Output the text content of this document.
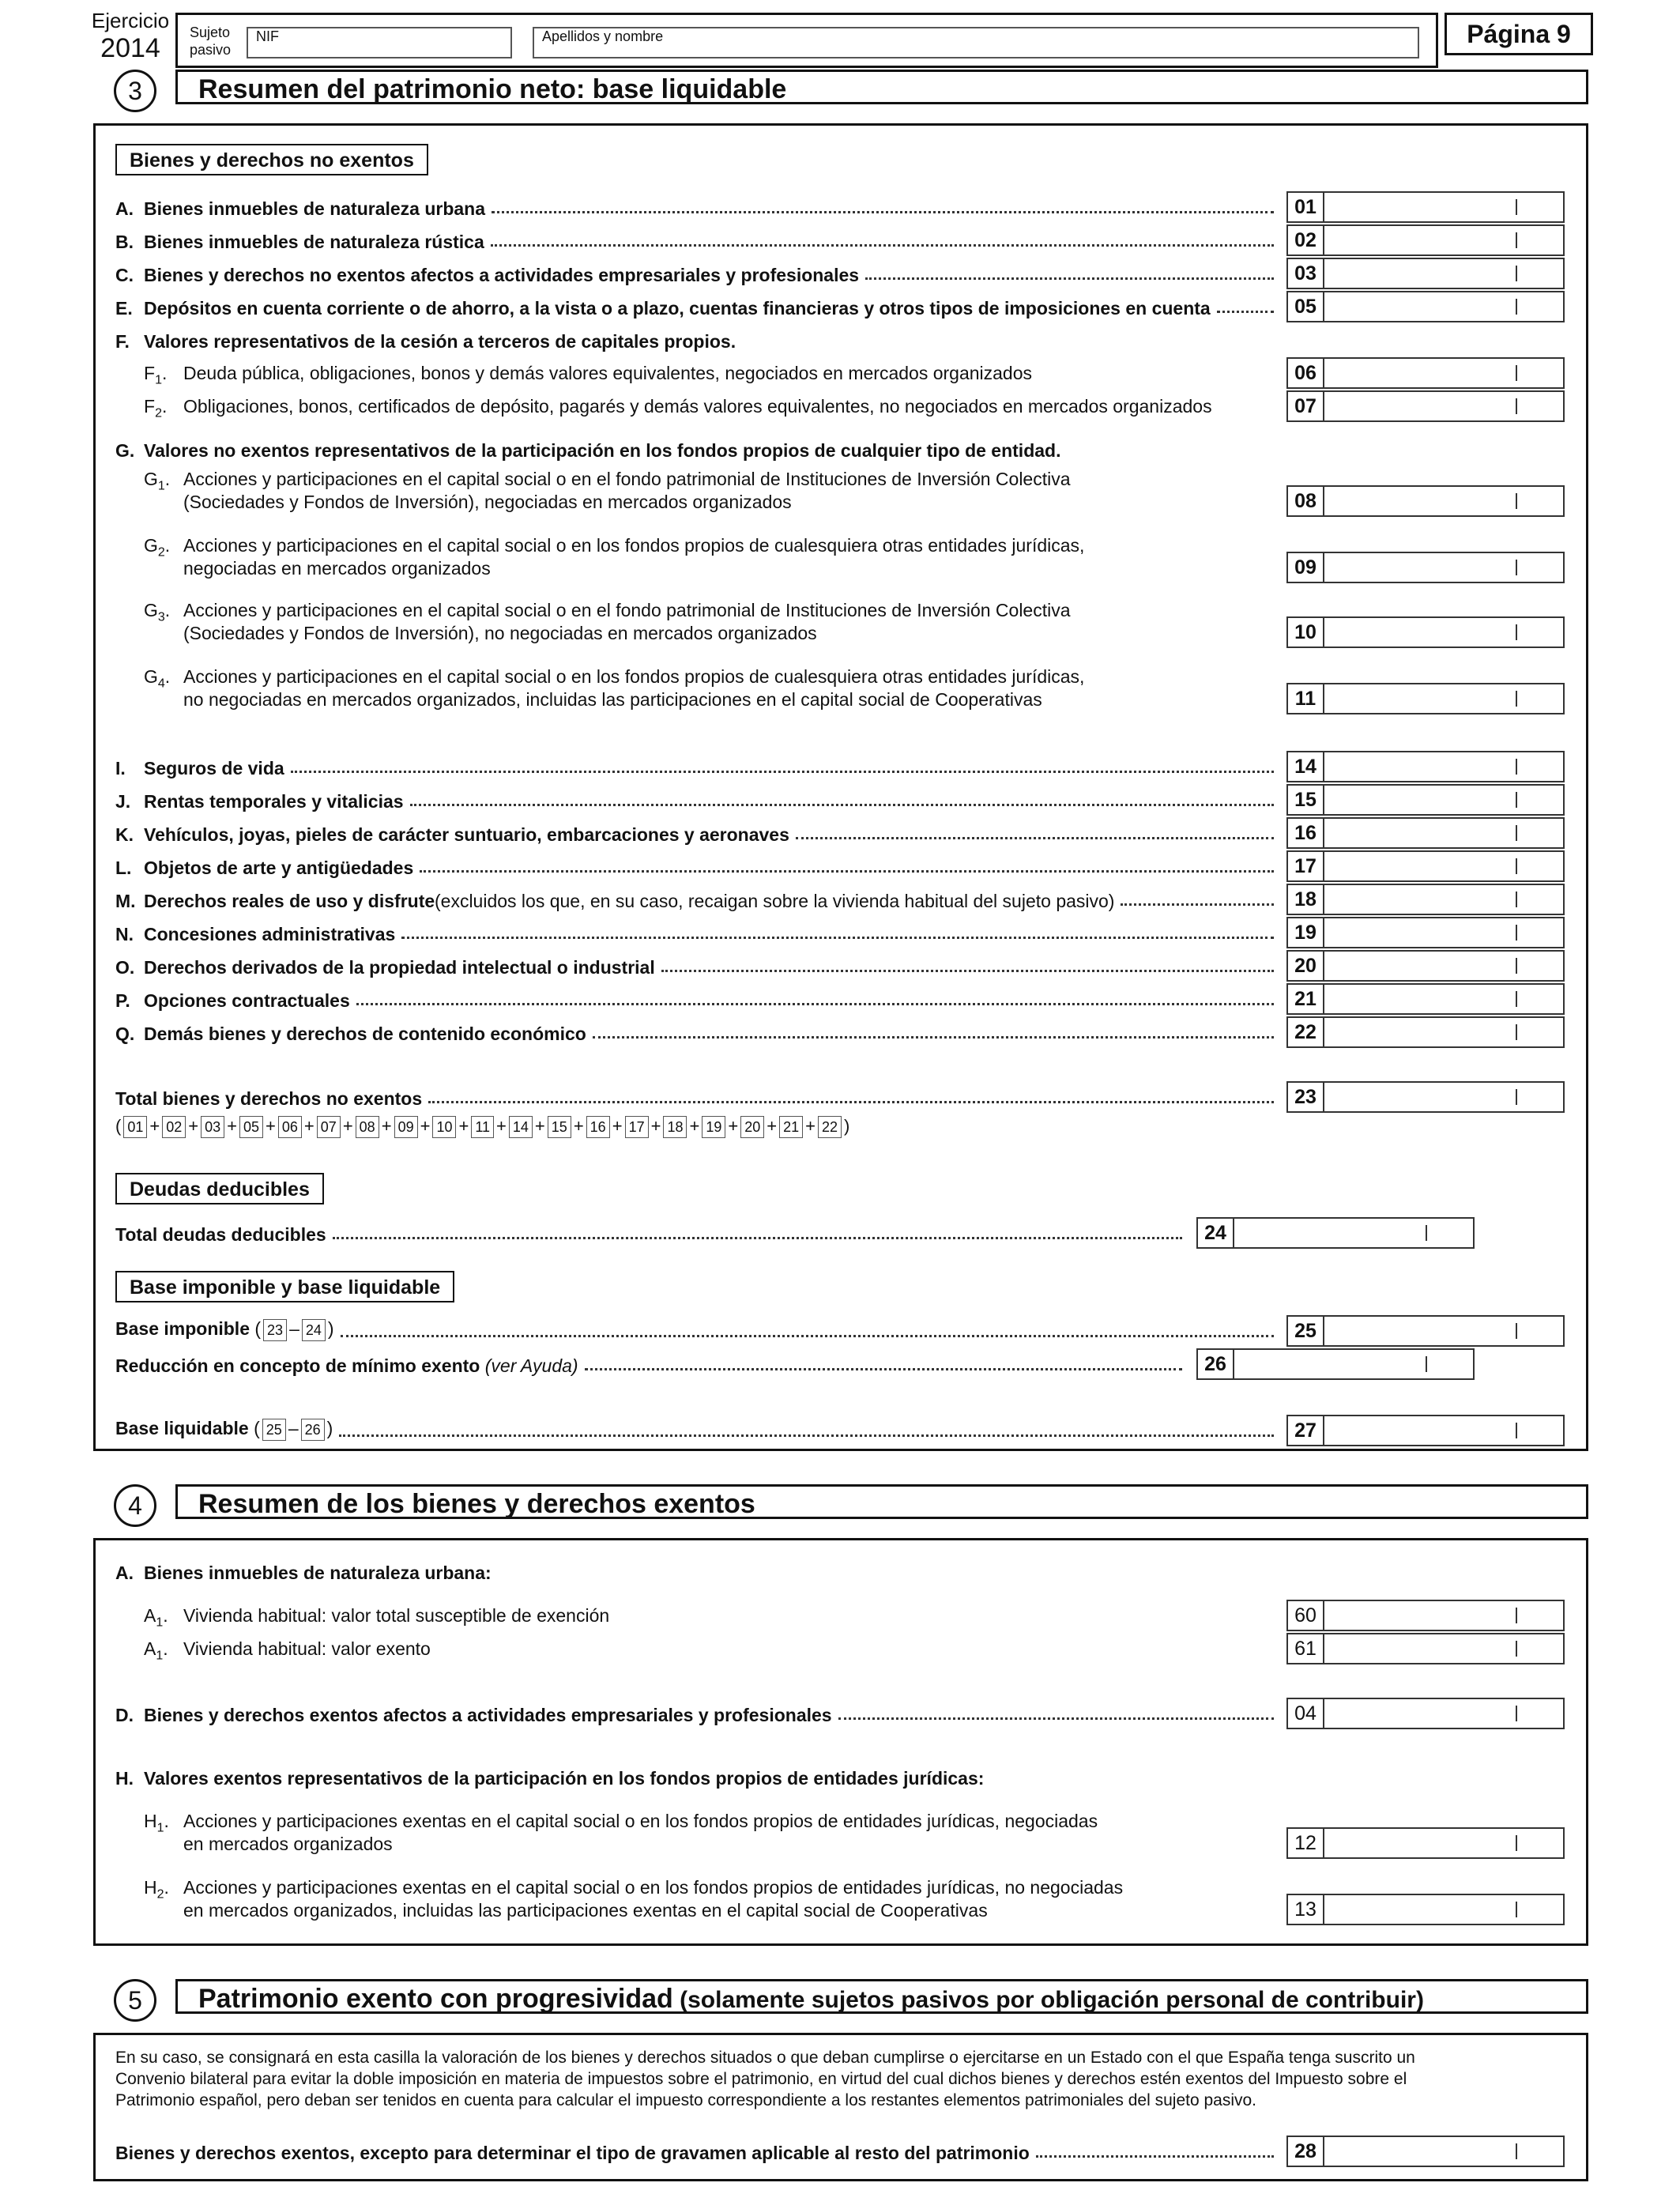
Ejercicio
2014
Sujeto
pasivo
NIF	Apellidos y nombre	Página 9
3	Resumen del patrimonio neto: base liquidable
Bienes y derechos no exentos
4	Resumen de los bienes y derechos exentos
5	Patrimonio exento con progresividad (solamente sujetos pasivos por obligación personal de contribuir)
En su caso, se consignará en esta casilla la valoración de los bienes y derechos situados o que deban cumplirse o ejercitarse en un Estado con el que España tenga suscrito un
Convenio bilateral para evitar la doble imposición en materia de impuestos sobre el patrimonio, en virtud del cual dichos bienes y derechos estén exentos del Impuesto sobre el
Patrimonio español, pero deban ser tenidos en cuenta para calcular el impuesto correspondiente a los restantes elementos patrimoniales del sujeto pasivo.
A. Bienes inmuebles de naturaleza urbana	01
B. Bienes inmuebles de naturaleza rústica	02
C. Bienes y derechos no exentos afectos a actividades empresariales y profesionales	03
E. Depósitos en cuenta corriente o de ahorro, a la vista o a plazo, cuentas financieras y otros tipos de imposiciones en cuenta	05
F. Valores representativos de la cesión a terceros de capitales propios.
$F_1$. Deuda pública, obligaciones, bonos y demás valores equivalentes, negociados en mercados organizados	06
$F_2$. Obligaciones, bonos, certificados de depósito, pagarés y demás valores equivalentes, no negociados en mercados organizados	07
G. Valores no exentos representativos de la participación en los fondos propios de cualquier tipo de entidad.
$G_1$. Acciones y participaciones en el capital social o en el fondo patrimonial de Instituciones de Inversión Colectiva
(Sociedades y Fondos de Inversión), negociadas en mercados organizados	08
$G_2$. Acciones y participaciones en el capital social o en los fondos propios de cualesquiera otras entidades jurídicas,
negociadas en mercados organizados	09
$G_3$. Acciones y participaciones en el capital social o en el fondo patrimonial de Instituciones de Inversión Colectiva
(Sociedades y Fondos de Inversión), no negociadas en mercados organizados	10
$G_4$. Acciones y participaciones en el capital social o en los fondos propios de cualesquiera otras entidades jurídicas,
no negociadas en mercados organizados, incluidas las participaciones en el capital social de Cooperativas	11
I. Seguros de vida	14
J. Rentas temporales y vitalicias	15
K. Vehículos, joyas, pieles de carácter suntuario, embarcaciones y aeronaves	16
L. Objetos de arte y antigüedades	17
M. Derechos reales de uso y disfrute (excluidos los que, en su caso, recaigan sobre la vivienda habitual del sujeto pasivo)	18
N. Concesiones administrativas	19
O. Derechos derivados de la propiedad intelectual o industrial	20
P. Opciones contractuales	21
Q. Demás bienes y derechos de contenido económico	22
Total bienes y derechos no exentos	23
( 01 + 02 + 03 + 05 + 06 + 07 + 08 + 09 + 10 + 11 + 14 + 15 + 16 + 17 + 18 + 19 + 20 + 21 + 22 )
Deudas deducibles
Total deudas deducibles	24
Base imponible y base liquidable
Base imponible ( 23 – 24 )	25
Reducción en concepto de mínimo exento (ver Ayuda)	26
Base liquidable ( 25 – 26 )	27
A. Bienes inmuebles de naturaleza urbana:
$A_1$. Vivienda habitual: valor total susceptible de exención	60
$A_1$. Vivienda habitual: valor exento	61
D. Bienes y derechos exentos afectos a actividades empresariales y profesionales	04
H. Valores exentos representativos de la participación en los fondos propios de entidades jurídicas:
$H_1$. Acciones y participaciones exentas en el capital social o en los fondos propios de entidades jurídicas, negociadas
en mercados organizados	12
$H_2$. Acciones y participaciones exentas en el capital social o en los fondos propios de entidades jurídicas, no negociadas
en mercados organizados, incluidas las participaciones exentas en el capital social de Cooperativas	13
Bienes y derechos exentos, excepto para determinar el tipo de gravamen aplicable al resto del patrimonio	28
